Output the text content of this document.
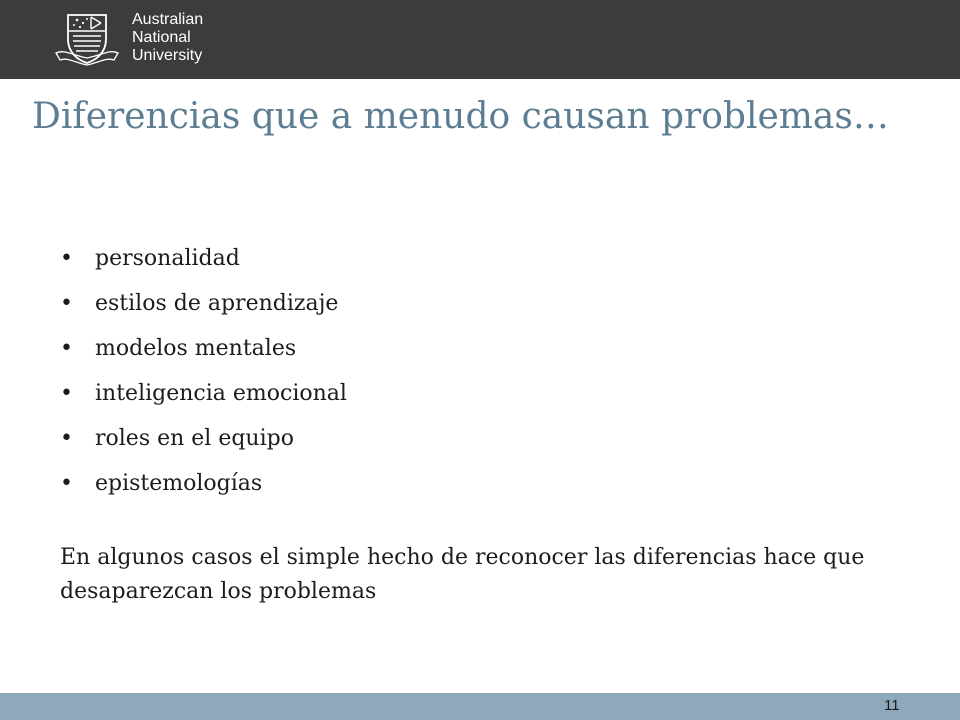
Australian
National
University
Diferencias que a menudo causan problemas…
• personalidad
• estilos de aprendizaje
• modelos mentales
• inteligencia emocional
• roles en el equipo
• epistemologías

En algunos casos el simple hecho de reconocer las diferencias hace que desaparezcan los problemas

11
